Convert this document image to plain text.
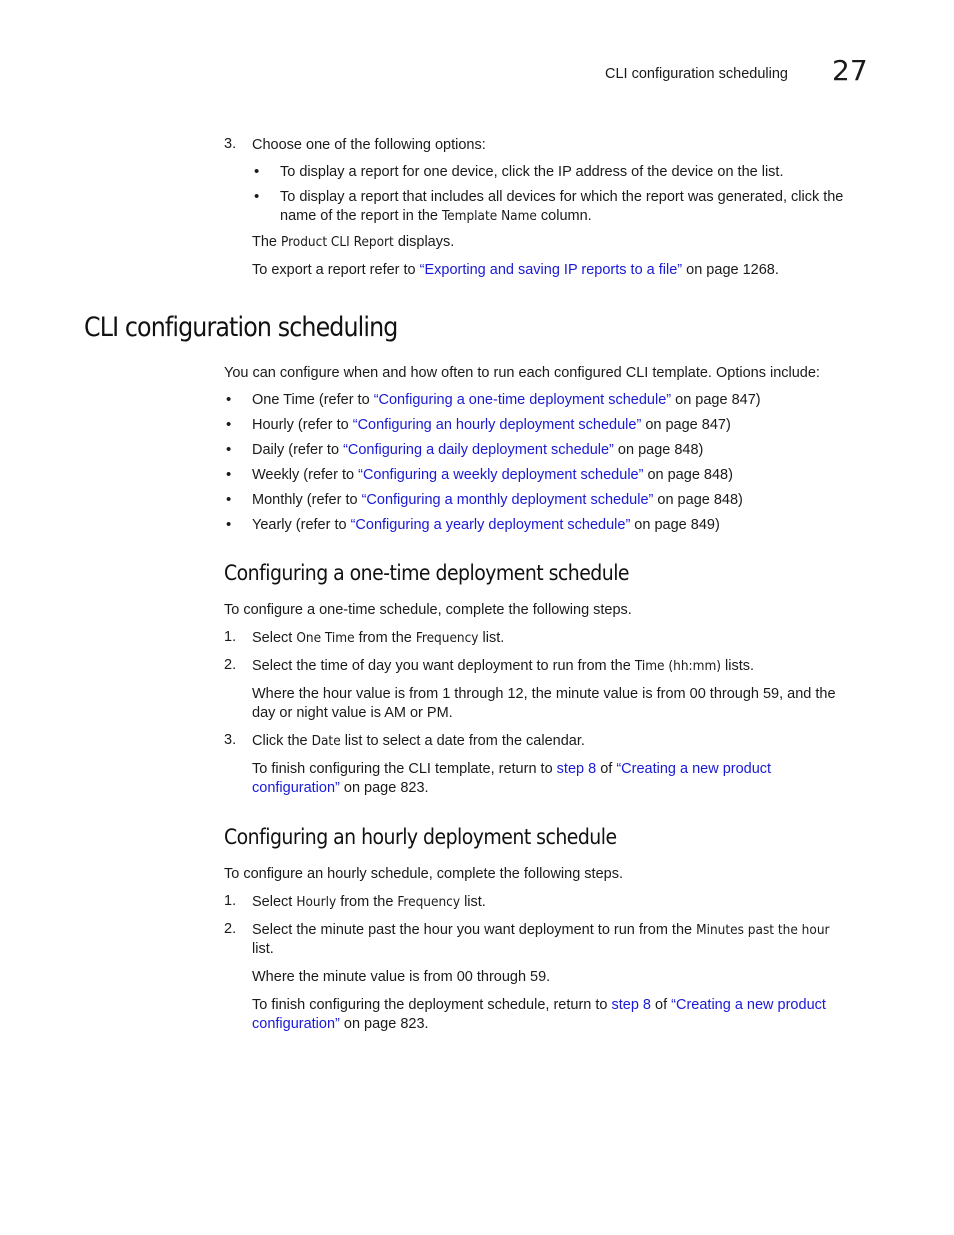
CLI configuration scheduling 27
3.	Choose one of the following options:

• To display a report for one device, click the IP address of the device on the list.

• To display a report that includes all devices for which the report was generated, click the
name of the report in the Template Name column.

The Product CLI Report displays.

To export a report refer to “Exporting and saving IP reports to a file” on page 1268.

CLI configuration scheduling

You can configure when and how often to run each configured CLI template. Options include:

• One Time (refer to “Configuring a one-time deployment schedule” on page 847)

• Hourly (refer to “Configuring an hourly deployment schedule” on page 847)

• Daily (refer to “Configuring a daily deployment schedule” on page 848)

• Weekly (refer to “Configuring a weekly deployment schedule” on page 848)

• Monthly (refer to “Configuring a monthly deployment schedule” on page 848)

• Yearly (refer to “Configuring a yearly deployment schedule” on page 849)

Configuring a one-time deployment schedule

To configure a one-time schedule, complete the following steps.

1.	Select One Time from the Frequency list.

2.	Select the time of day you want deployment to run from the Time (hh:mm) lists.

Where the hour value is from 1 through 12, the minute value is from 00 through 59, and the
day or night value is AM or PM.

3.	Click the Date list to select a date from the calendar.

To finish configuring the CLI template, return to step 8 of “Creating a new product
configuration” on page 823.

Configuring an hourly deployment schedule

To configure an hourly schedule, complete the following steps.

1.	Select Hourly from the Frequency list.

2.	Select the minute past the hour you want deployment to run from the Minutes past the hour
list.

Where the minute value is from 00 through 59.

To finish configuring the deployment schedule, return to step 8 of “Creating a new product
configuration” on page 823.
